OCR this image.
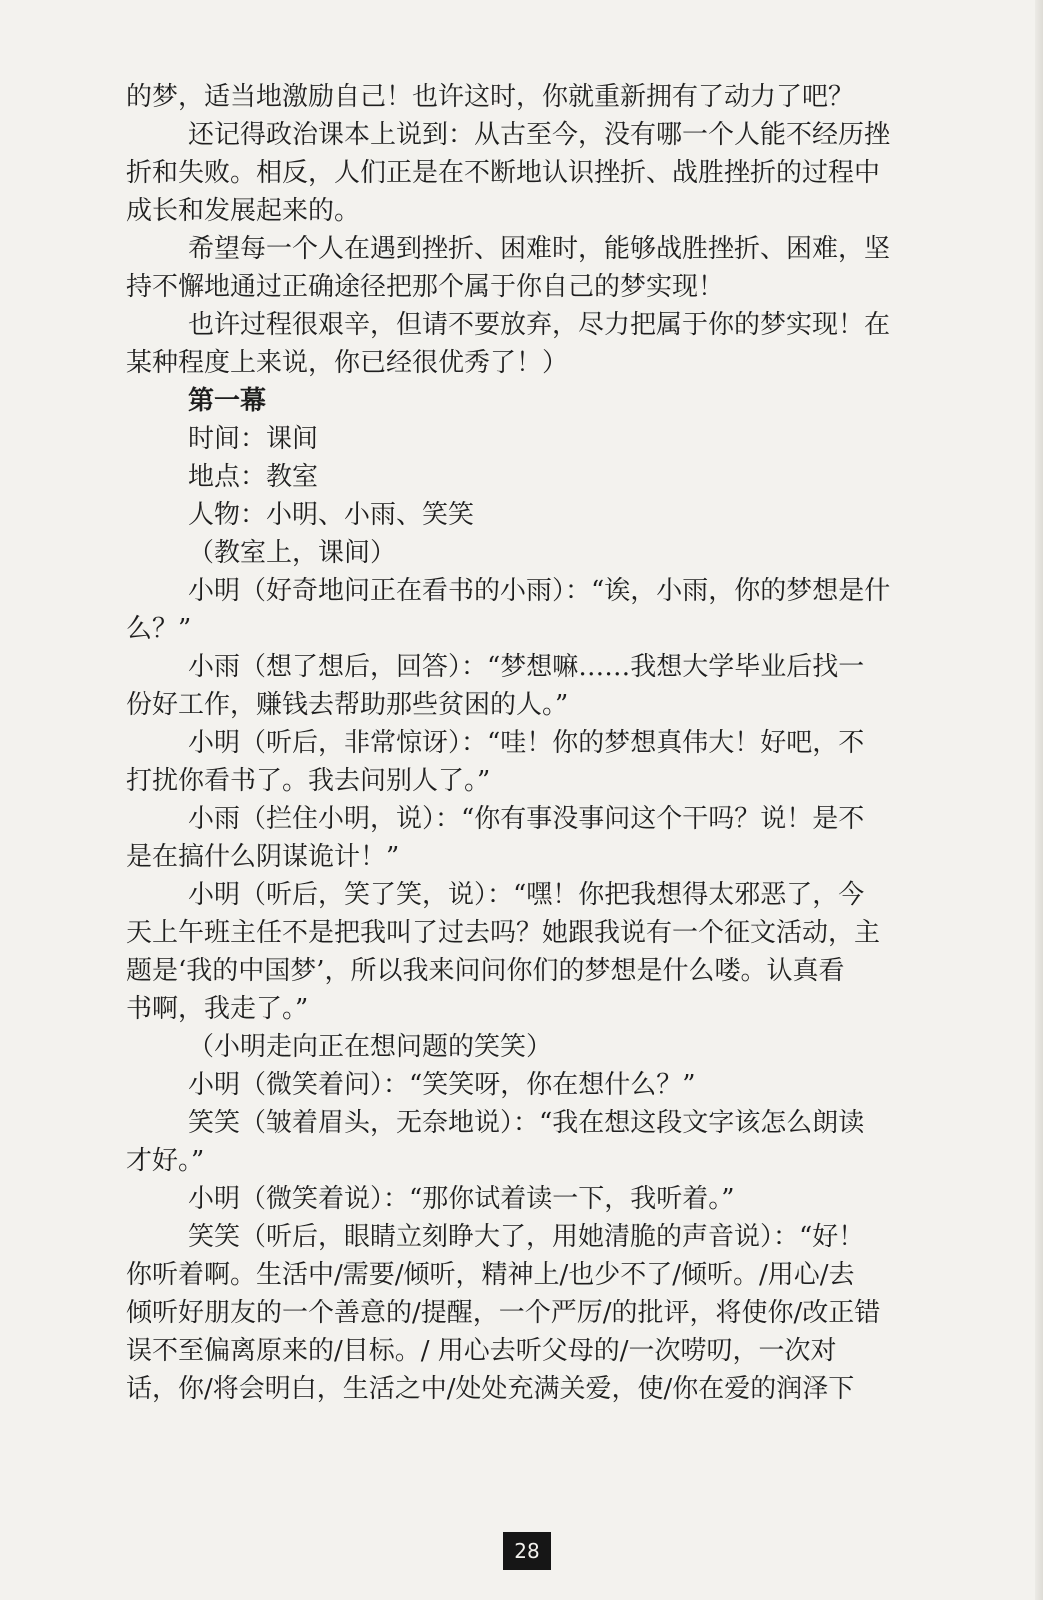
的梦，适当地激励自己！也许这时，你就重新拥有了动力了吧？
还记得政治课本上说到：从古至今，没有哪一个人能不经历挫
折和失败。相反，人们正是在不断地认识挫折、战胜挫折的过程中
成长和发展起来的。
希望每一个人在遇到挫折、困难时，能够战胜挫折、困难，坚
持不懈地通过正确途径把那个属于你自己的梦实现！
也许过程很艰辛，但请不要放弃，尽力把属于你的梦实现！在
某种程度上来说，你已经很优秀了！）
第一幕
时间：课间
地点：教室
人物：小明、小雨、笑笑
（教室上，课间）
小明（好奇地问正在看书的小雨）：“诶，小雨，你的梦想是什
么？”
小雨（想了想后，回答）：“梦想嘛……我想大学毕业后找一
份好工作，赚钱去帮助那些贫困的人。”
小明（听后，非常惊讶）：“哇！你的梦想真伟大！好吧，不
打扰你看书了。我去问别人了。”
小雨（拦住小明，说）：“你有事没事问这个干吗？说！是不
是在搞什么阴谋诡计！”
小明（听后，笑了笑，说）：“嘿！你把我想得太邪恶了，今
天上午班主任不是把我叫了过去吗？她跟我说有一个征文活动，主
题是‘我的中国梦’，所以我来问问你们的梦想是什么喽。认真看
书啊，我走了。”
（小明走向正在想问题的笑笑）
小明（微笑着问）：“笑笑呀，你在想什么？”
笑笑（皱着眉头，无奈地说）：“我在想这段文字该怎么朗读
才好。”
小明（微笑着说）：“那你试着读一下，我听着。”
笑笑（听后，眼睛立刻睁大了，用她清脆的声音说）：“好！
你听着啊。生活中/需要/倾听，精神上/也少不了/倾听。/用心/去
倾听好朋友的一个善意的/提醒，一个严厉/的批评，将使你/改正错
误不至偏离原来的/目标。/ 用心去听父母的/一次唠叨，一次对
话，你/将会明白，生活之中/处处充满关爱，使/你在爱的润泽下
28
